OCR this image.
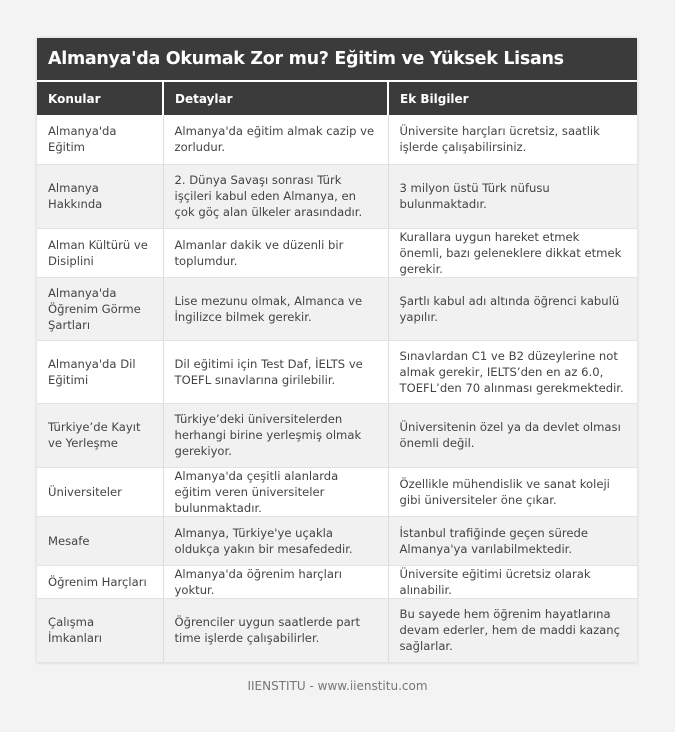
Almanya'da Okumak Zor mu? Eğitim ve Yüksek Lisans
Konular	Detaylar	Ek Bilgiler
Almanya'da Eğitim	Almanya'da eğitim almak cazip ve zorludur.	Üniversite harçları ücretsiz, saatlik işlerde çalışabilirsiniz.
Almanya Hakkında	2. Dünya Savaşı sonrası Türk işçileri kabul eden Almanya, en çok göç alan ülkeler arasındadır.	3 milyon üstü Türk nüfusu bulunmaktadır.
Alman Kültürü ve Disiplini	Almanlar dakik ve düzenli bir toplumdur.	Kurallara uygun hareket etmek önemli, bazı geleneklere dikkat etmek gerekir.
Almanya'da Öğrenim Görme Şartları	Lise mezunu olmak, Almanca ve İngilizce bilmek gerekir.	Şartlı kabul adı altında öğrenci kabulü yapılır.
Almanya'da Dil Eğitimi	Dil eğitimi için Test Daf, İELTS ve TOEFL sınavlarına girilebilir.	Sınavlardan C1 ve B2 düzeylerine not almak gerekir, IELTS’den en az 6.0, TOEFL’den 70 alınması gerekmektedir.
Türkiye’de Kayıt ve Yerleşme	Türkiye’deki üniversitelerden herhangi birine yerleşmiş olmak gerekiyor.	Üniversitenin özel ya da devlet olması önemli değil.
Üniversiteler	Almanya'da çeşitli alanlarda eğitim veren üniversiteler bulunmaktadır.	Özellikle mühendislik ve sanat koleji gibi üniversiteler öne çıkar.
Mesafe	Almanya, Türkiye'ye uçakla oldukça yakın bir mesafededir.	İstanbul trafiğinde geçen sürede Almanya'ya varılabilmektedir.
Öğrenim Harçları	Almanya'da öğrenim harçları yoktur.	Üniversite eğitimi ücretsiz olarak alınabilir.
Çalışma İmkanları	Öğrenciler uygun saatlerde part time işlerde çalışabilirler.	Bu sayede hem öğrenim hayatlarına devam ederler, hem de maddi kazanç sağlarlar.
IIENSTITU - www.iienstitu.com
